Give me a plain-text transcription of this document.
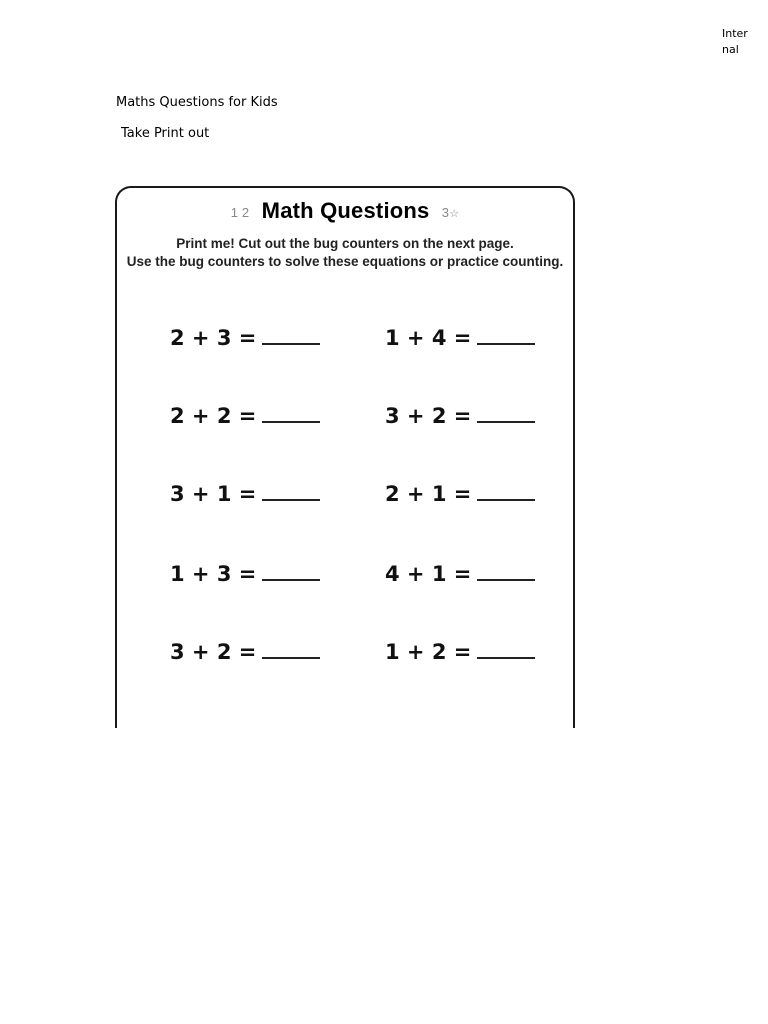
Internal
Maths Questions for Kids
Take Print out
1 2 Math Questions 3☆
Print me! Cut out the bug counters on the next page.
Use the bug counters to solve these equations or practice counting.
2 + 3 =
2 + 2 =
3 + 1 =
1 + 3 =
3 + 2 =
1 + 4 =
3 + 2 =
2 + 1 =
4 + 1 =
1 + 2 =
